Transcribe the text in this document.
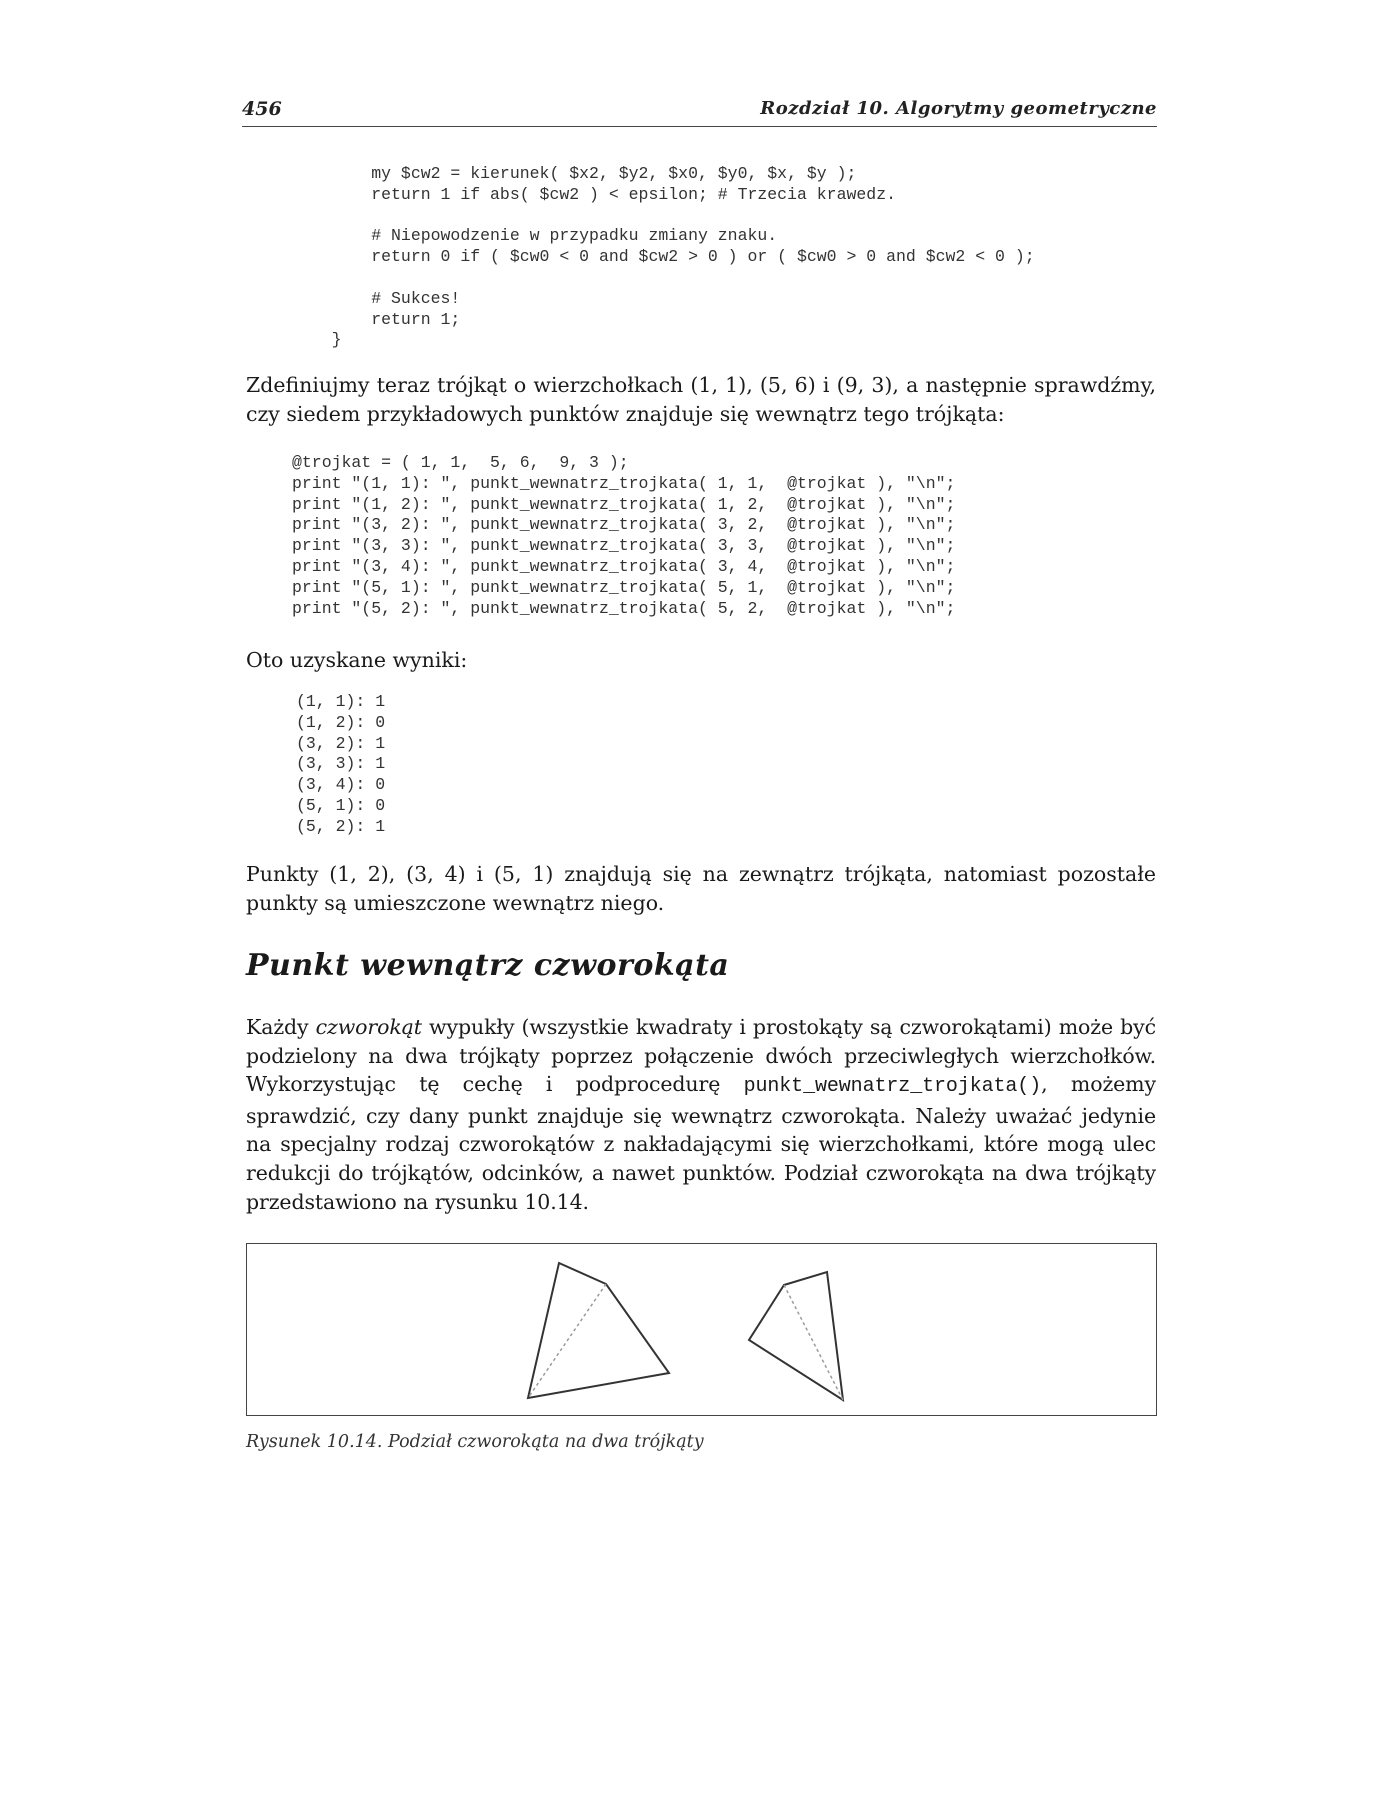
456	Rozdział 10. Algorytmy geometryczne
my $cw2 = kierunek( $x2, $y2, $x0, $y0, $x, $y );
return 1 if abs( $cw2 ) < epsilon; # Trzecia krawedz.

# Niepowodzenie w przypadku zmiany znaku.
return 0 if ( $cw0 < 0 and $cw2 > 0 ) or ( $cw0 > 0 and $cw2 < 0 );

# Sukces!
return 1;
}

Zdefiniujmy teraz trójkąt o wierzchołkach (1, 1), (5, 6) i (9, 3), a następnie sprawdźmy, czy siedem przykładowych punktów znajduje się wewnątrz tego trójkąta:

@trojkat = ( 1, 1,  5, 6,  9, 3 );
print "(1, 1): ", punkt_wewnatrz_trojkata( 1, 1,  @trojkat ), "\n";
print "(1, 2): ", punkt_wewnatrz_trojkata( 1, 2,  @trojkat ), "\n";
print "(3, 2): ", punkt_wewnatrz_trojkata( 3, 2,  @trojkat ), "\n";
print "(3, 3): ", punkt_wewnatrz_trojkata( 3, 3,  @trojkat ), "\n";
print "(3, 4): ", punkt_wewnatrz_trojkata( 3, 4,  @trojkat ), "\n";
print "(5, 1): ", punkt_wewnatrz_trojkata( 5, 1,  @trojkat ), "\n";
print "(5, 2): ", punkt_wewnatrz_trojkata( 5, 2,  @trojkat ), "\n";

Oto uzyskane wyniki:

(1, 1): 1
(1, 2): 0
(3, 2): 1
(3, 3): 1
(3, 4): 0
(5, 1): 0
(5, 2): 1

Punkty (1, 2), (3, 4) i (5, 1) znajdują się na zewnątrz trójkąta, natomiast pozostałe punkty są umieszczone wewnątrz niego.

Punkt wewnątrz czworokąta

Każdy czworokąt wypukły (wszystkie kwadraty i prostokąty są czworokątami) może być podzielony na dwa trójkąty poprzez połączenie dwóch przeciwległych wierzchołków. Wykorzystując tę cechę i podprocedurę punkt_wewnatrz_trojkata(), możemy sprawdzić, czy dany punkt znajduje się wewnątrz czworokąta. Należy uważać jedynie na specjalny rodzaj czworokątów z nakładającymi się wierzchołkami, które mogą ulec redukcji do trójkątów, odcinków, a nawet punktów. Podział czworokąta na dwa trójkąty przedstawiono na rysunku 10.14.

Rysunek 10.14. Podział czworokąta na dwa trójkąty
